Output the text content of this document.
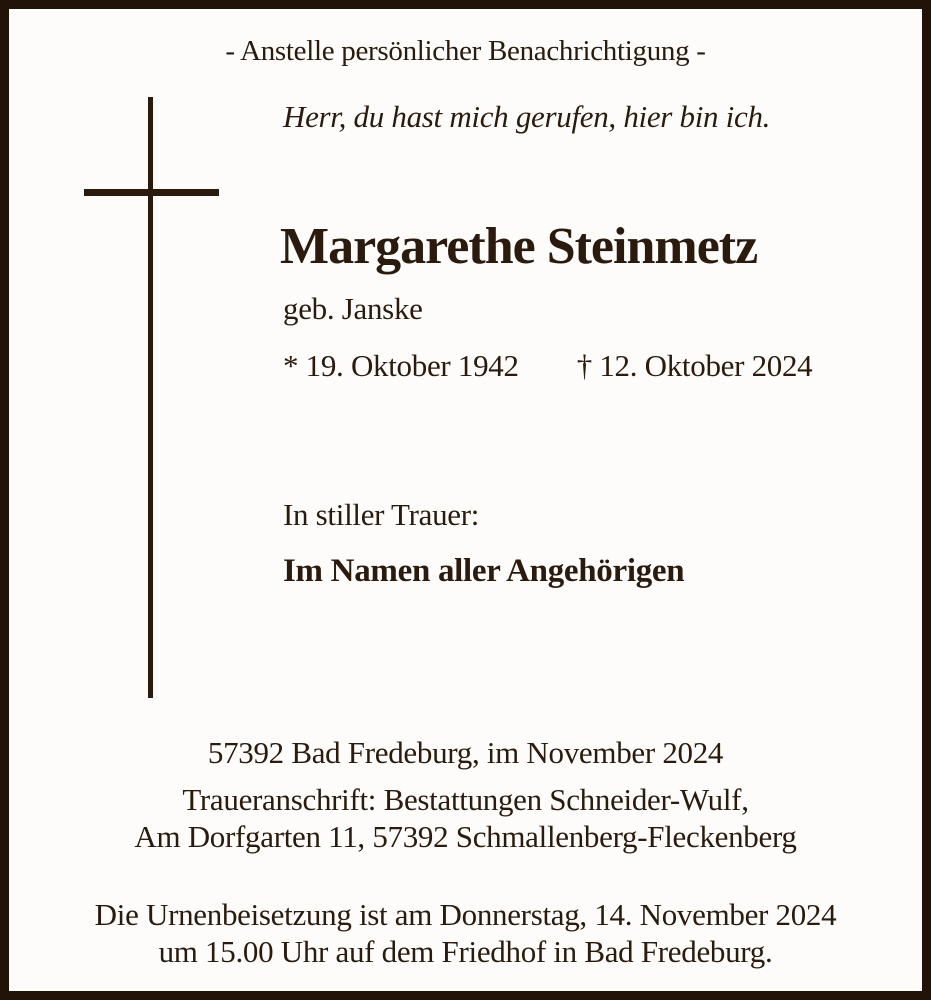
- Anstelle persönlicher Benachrichtigung -
Herr, du hast mich gerufen, hier bin ich.
Margarethe Steinmetz
geb. Janske
* 19. Oktober 1942 † 12. Oktober 2024
In stiller Trauer:
Im Namen aller Angehörigen
57392 Bad Fredeburg, im November 2024
Traueranschrift: Bestattungen Schneider-Wulf,
Am Dorfgarten 11, 57392 Schmallenberg-Fleckenberg
Die Urnenbeisetzung ist am Donnerstag, 14. November 2024
um 15.00 Uhr auf dem Friedhof in Bad Fredeburg.
